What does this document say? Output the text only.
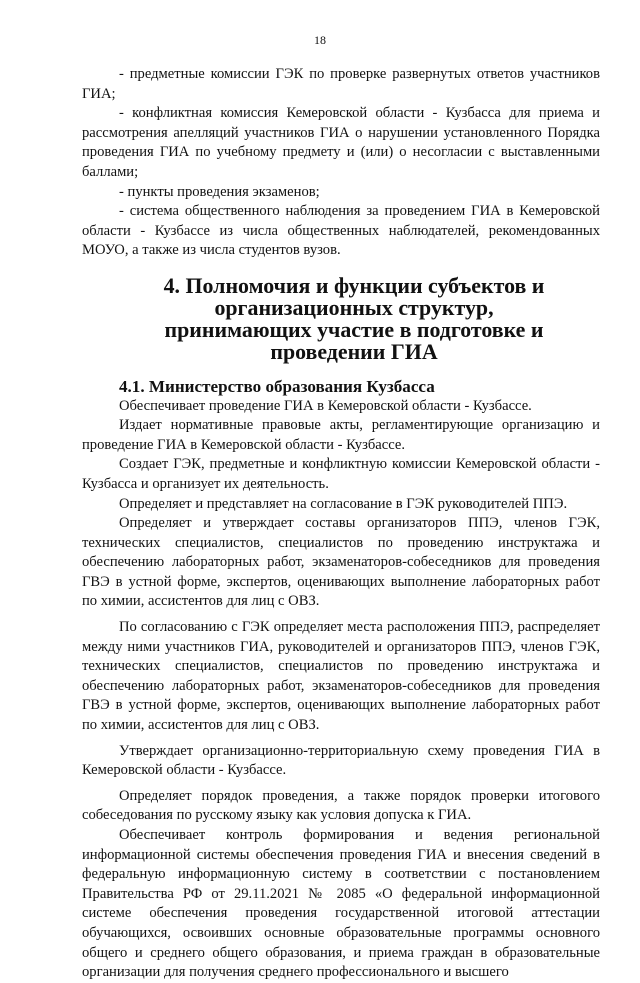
18

- предметные комиссии ГЭК по проверке развернутых ответов участников ГИА;

- конфликтная комиссия Кемеровской области - Кузбасса для приема и рассмотрения апелляций участников ГИА о нарушении установленного Порядка проведения ГИА по учебному предмету и (или) о несогласии с выставленными баллами;

- пункты проведения экзаменов;

- система общественного наблюдения за проведением ГИА в Кемеровской области - Кузбассе из числа общественных наблюдателей, рекомендованных МОУО, а также из числа студентов вузов.

4. Полномочия и функции субъектов и организационных структур,
принимающих участие в подготовке и проведении ГИА
4.1. Министерство образования Кузбасса

Обеспечивает проведение ГИА в Кемеровской области - Кузбассе.

Издает нормативные правовые акты, регламентирующие организацию и проведение ГИА в Кемеровской области - Кузбассе.

Создает ГЭК, предметные и конфликтную комиссии Кемеровской области - Кузбасса и организует их деятельность.

Определяет и представляет на согласование в ГЭК руководителей ППЭ.

Определяет и утверждает составы организаторов ППЭ, членов ГЭК, технических специалистов, специалистов по проведению инструктажа и обеспечению лабораторных работ, экзаменаторов-собеседников для проведения ГВЭ в устной форме, экспертов, оценивающих выполнение лабораторных работ по химии, ассистентов для лиц с ОВЗ.

По согласованию с ГЭК определяет места расположения ППЭ, распределяет между ними участников ГИА, руководителей и организаторов ППЭ, членов ГЭК, технических специалистов, специалистов по проведению инструктажа и обеспечению лабораторных работ, экзаменаторов-собеседников для проведения ГВЭ в устной форме, экспертов, оценивающих выполнение лабораторных работ по химии, ассистентов для лиц с ОВЗ.

Утверждает организационно-территориальную схему проведения ГИА в Кемеровской области - Кузбассе.

Определяет порядок проведения, а также порядок проверки итогового собеседования по русскому языку как условия допуска к ГИА.

Обеспечивает контроль формирования и ведения региональной информационной системы обеспечения проведения ГИА и внесения сведений в федеральную информационную систему в соответствии с постановлением Правительства РФ от 29.11.2021 № 2085 «О федеральной информационной системе обеспечения проведения государственной итоговой аттестации обучающихся, освоивших основные образовательные программы основного общего и среднего общего образования, и приема граждан в образовательные организации для получения среднего профессионального и высшего
